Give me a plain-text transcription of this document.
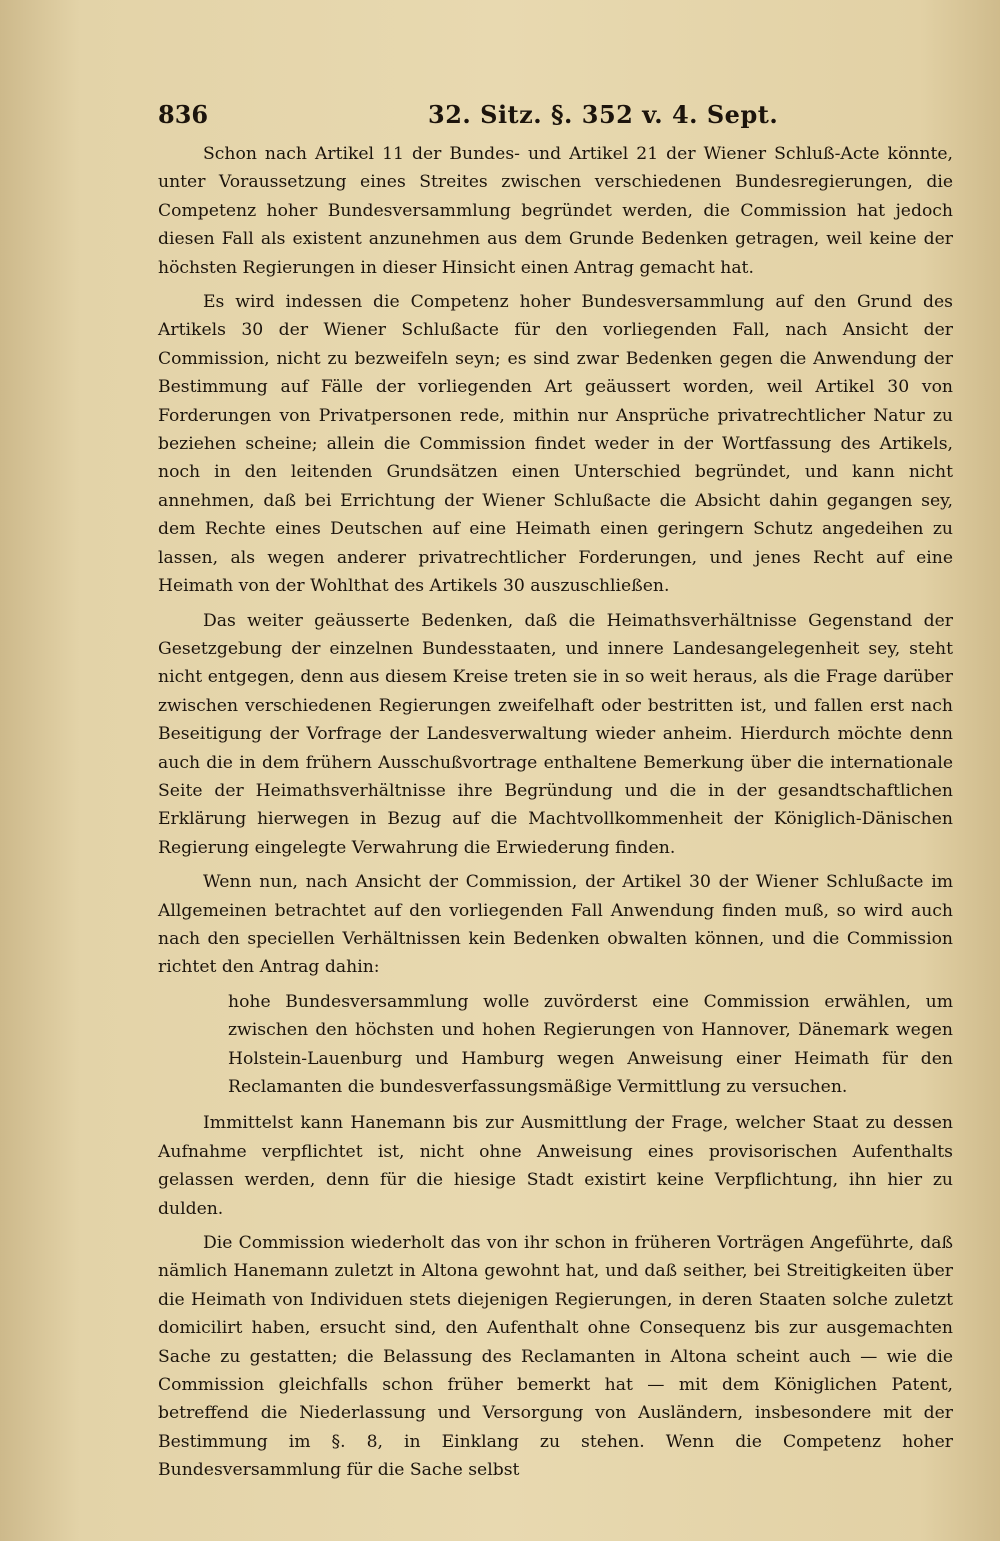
836	32. Sitz. §. 352 v. 4. Sept.

Schon nach Artikel 11 der Bundes- und Artikel 21 der Wiener Schluß-Acte könnte, unter Voraussetzung eines Streites zwischen verschiedenen Bundesregierungen, die Competenz hoher Bundesversammlung begründet werden, die Commission hat jedoch diesen Fall als existent anzunehmen aus dem Grunde Bedenken getragen, weil keine der höchsten Regierungen in dieser Hinsicht einen Antrag gemacht hat.

Es wird indessen die Competenz hoher Bundesversammlung auf den Grund des Artikels 30 der Wiener Schlußacte für den vorliegenden Fall, nach Ansicht der Commission, nicht zu bezweifeln seyn; es sind zwar Bedenken gegen die Anwendung der Bestimmung auf Fälle der vorliegenden Art geäussert worden, weil Artikel 30 von Forderungen von Privatpersonen rede, mithin nur Ansprüche privatrechtlicher Natur zu beziehen scheine; allein die Commission findet weder in der Wortfassung des Artikels, noch in den leitenden Grundsätzen einen Unterschied begründet, und kann nicht annehmen, daß bei Errichtung der Wiener Schlußacte die Absicht dahin gegangen sey, dem Rechte eines Deutschen auf eine Heimath einen geringern Schutz angedeihen zu lassen, als wegen anderer privatrechtlicher Forderungen, und jenes Recht auf eine Heimath von der Wohlthat des Artikels 30 auszuschließen.

Das weiter geäusserte Bedenken, daß die Heimathsverhältnisse Gegenstand der Gesetzgebung der einzelnen Bundesstaaten, und innere Landesangelegenheit sey, steht nicht entgegen, denn aus diesem Kreise treten sie in so weit heraus, als die Frage darüber zwischen verschiedenen Regierungen zweifelhaft oder bestritten ist, und fallen erst nach Beseitigung der Vorfrage der Landesverwaltung wieder anheim. Hierdurch möchte denn auch die in dem frühern Ausschußvortrage enthaltene Bemerkung über die internationale Seite der Heimathsverhältnisse ihre Begründung und die in der gesandtschaftlichen Erklärung hierwegen in Bezug auf die Machtvollkommenheit der Königlich-Dänischen Regierung eingelegte Verwahrung die Erwiederung finden.

Wenn nun, nach Ansicht der Commission, der Artikel 30 der Wiener Schlußacte im Allgemeinen betrachtet auf den vorliegenden Fall Anwendung finden muß, so wird auch nach den speciellen Verhältnissen kein Bedenken obwalten können, und die Commission richtet den Antrag dahin:

hohe Bundesversammlung wolle zuvörderst eine Commission erwählen, um zwischen den höchsten und hohen Regierungen von Hannover, Dänemark wegen Holstein-Lauenburg und Hamburg wegen Anweisung einer Heimath für den Reclamanten die bundesverfassungsmäßige Vermittlung zu versuchen.

Immittelst kann Hanemann bis zur Ausmittlung der Frage, welcher Staat zu dessen Aufnahme verpflichtet ist, nicht ohne Anweisung eines provisorischen Aufenthalts gelassen werden, denn für die hiesige Stadt existirt keine Verpflichtung, ihn hier zu dulden.

Die Commission wiederholt das von ihr schon in früheren Vorträgen Angeführte, daß nämlich Hanemann zuletzt in Altona gewohnt hat, und daß seither, bei Streitigkeiten über die Heimath von Individuen stets diejenigen Regierungen, in deren Staaten solche zuletzt domicilirt haben, ersucht sind, den Aufenthalt ohne Consequenz bis zur ausgemachten Sache zu gestatten; die Belassung des Reclamanten in Altona scheint auch — wie die Commission gleichfalls schon früher bemerkt hat — mit dem Königlichen Patent, betreffend die Niederlassung und Versorgung von Ausländern, insbesondere mit der Bestimmung im §. 8, in Einklang zu stehen. Wenn die Competenz hoher Bundesversammlung für die Sache selbst
